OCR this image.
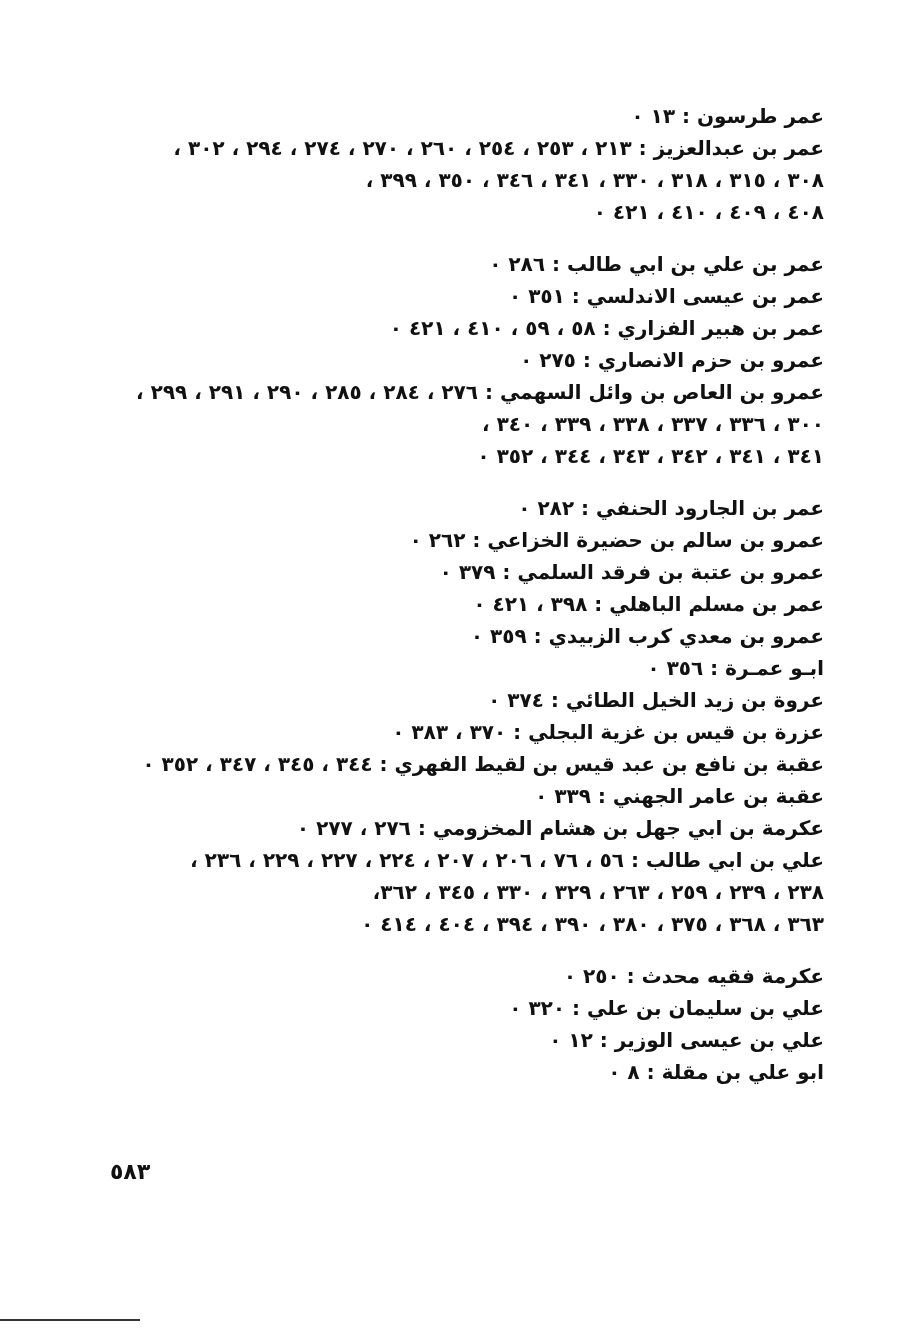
عمر طرسون : ١٣ ٠
عمر بن عبدالعزيز : ٢١٣ ، ٢٥٣ ، ٢٥٤ ، ٢٦٠ ، ٢٧٠ ، ٢٧٤ ، ٢٩٤ ، ٣٠٢ ،
٣٠٨ ، ٣١٥ ، ٣١٨ ، ٣٣٠ ، ٣٤١ ، ٣٤٦ ، ٣٥٠ ، ٣٩٩ ،
٤٠٨ ، ٤٠٩ ، ٤١٠ ، ٤٢١ ٠
عمر بن علي بن ابي طالب : ٢٨٦ ٠
عمر بن عيسى الاندلسي : ٣٥١ ٠
عمر بن هبير الفزاري : ٥٨ ، ٥٩ ، ٤١٠ ، ٤٢١ ٠
عمرو بن حزم الانصاري : ٢٧٥ ٠
عمرو بن العاص بن وائل السهمي : ٢٧٦ ، ٢٨٤ ، ٢٨٥ ، ٢٩٠ ، ٢٩١ ، ٢٩٩ ،
٣٠٠ ، ٣٣٦ ، ٣٣٧ ، ٣٣٨ ، ٣٣٩ ، ٣٤٠ ،
٣٤١ ، ٣٤١ ، ٣٤٢ ، ٣٤٣ ، ٣٤٤ ، ٣٥٢ ٠
عمر بن الجارود الحنفي : ٢٨٢ ٠
عمرو بن سالم بن حضيرة الخزاعي : ٢٦٢ ٠
عمرو بن عتبة بن فرقد السلمي : ٣٧٩ ٠
عمر بن مسلم الباهلي : ٣٩٨ ، ٤٢١ ٠
عمرو بن معدي كرب الزبيدي : ٣٥٩ ٠
ابـو عمـرة : ٣٥٦ ٠
عروة بن زيد الخيل الطائي : ٣٧٤ ٠
عزرة بن قيس بن غزية البجلي : ٣٧٠ ، ٣٨٣ ٠
عقبة بن نافع بن عبد قيس بن لقيط الفهري : ٣٤٤ ، ٣٤٥ ، ٣٤٧ ، ٣٥٢ ٠
عقبة بن عامر الجهني : ٣٣٩ ٠
عكرمة بن ابي جهل بن هشام المخزومي : ٢٧٦ ، ٢٧٧ ٠
علي بن ابي طالب : ٥٦ ، ٧٦ ، ٢٠٦ ، ٢٠٧ ، ٢٢٤ ، ٢٢٧ ، ٢٢٩ ، ٢٣٦ ،
٢٣٨ ، ٢٣٩ ، ٢٥٩ ، ٢٦٣ ، ٣٢٩ ، ٣٣٠ ، ٣٤٥ ، ٣٦٢،
٣٦٣ ، ٣٦٨ ، ٣٧٥ ، ٣٨٠ ، ٣٩٠ ، ٣٩٤ ، ٤٠٤ ، ٤١٤ ٠
عكرمة فقيه محدث : ٢٥٠ ٠
علي بن سليمان بن علي : ٣٢٠ ٠
علي بن عيسى الوزير : ١٢ ٠
ابو علي بن مقلة : ٨ ٠
٥٨٣
